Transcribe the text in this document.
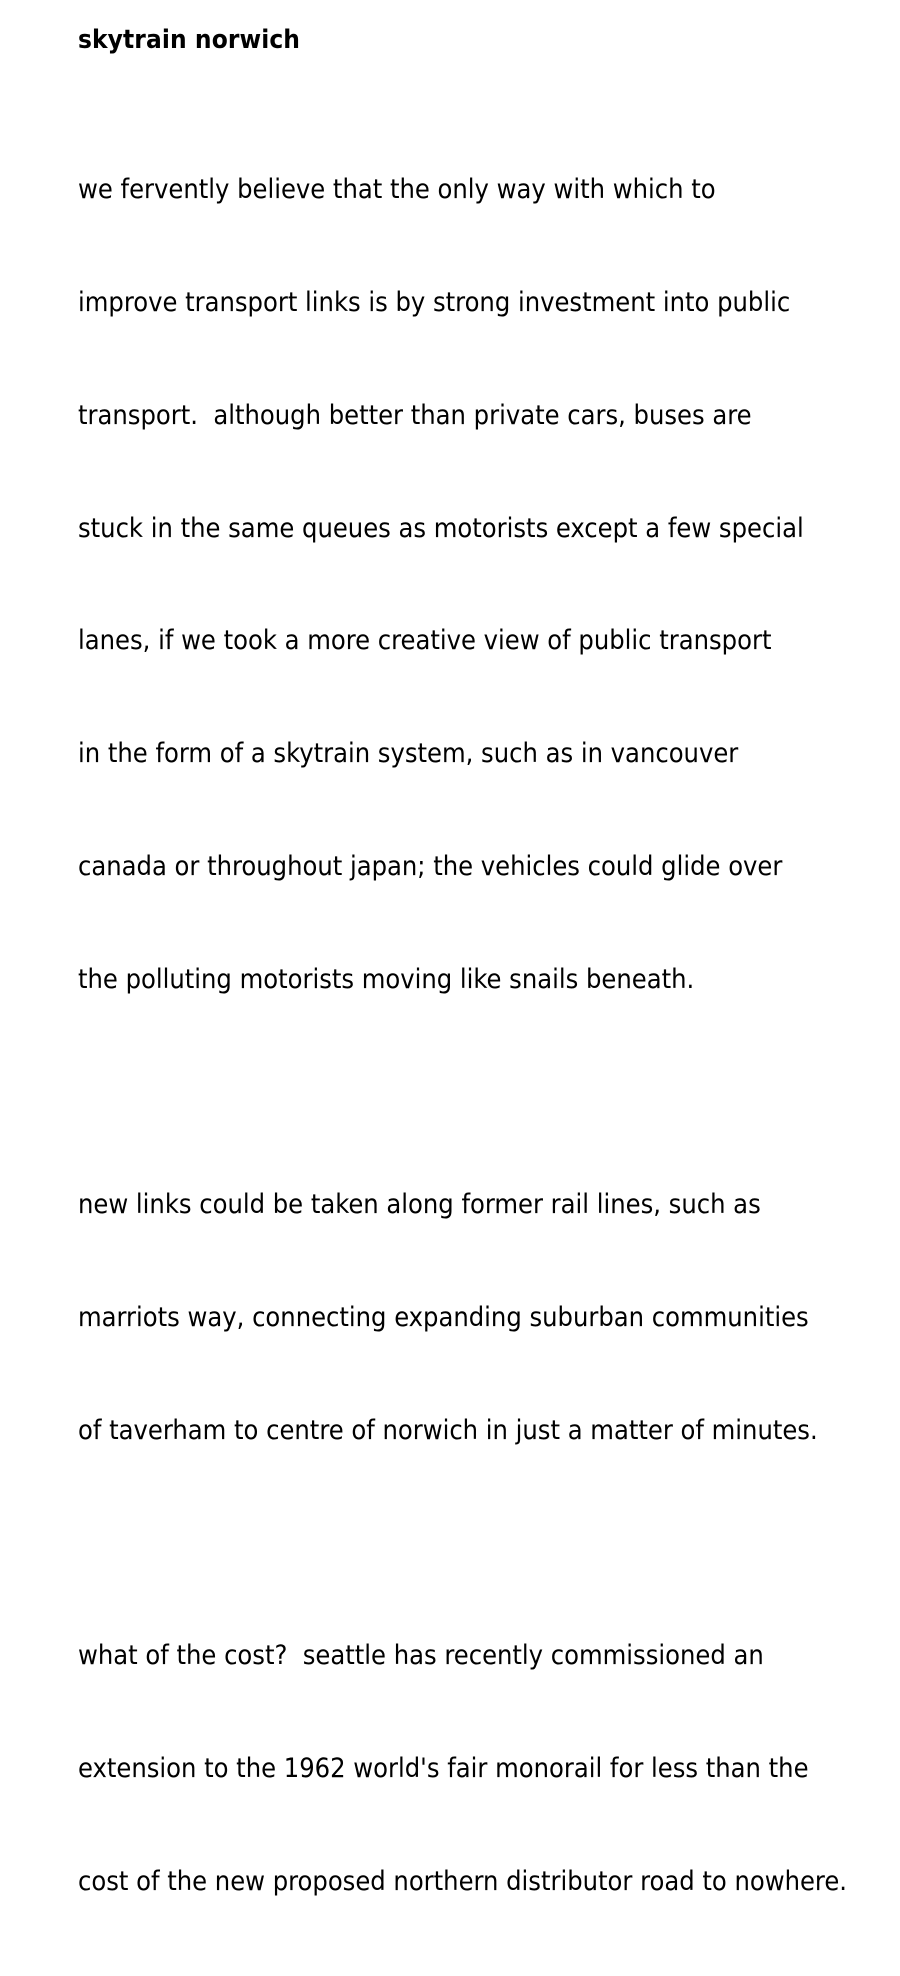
skytrain norwich

we fervently believe that the only way with which to

improve transport links is by strong investment into public

transport.  although better than private cars, buses are

stuck in the same queues as motorists except a few special

lanes, if we took a more creative view of public transport

in the form of a skytrain system, such as in vancouver

canada or throughout japan; the vehicles could glide over

the polluting motorists moving like snails beneath.

new links could be taken along former rail lines, such as

marriots way, connecting expanding suburban communities

of taverham to centre of norwich in just a matter of minutes.

what of the cost?  seattle has recently commissioned an

extension to the 1962 world's fair monorail for less than the

cost of the new proposed northern distributor road to nowhere.
